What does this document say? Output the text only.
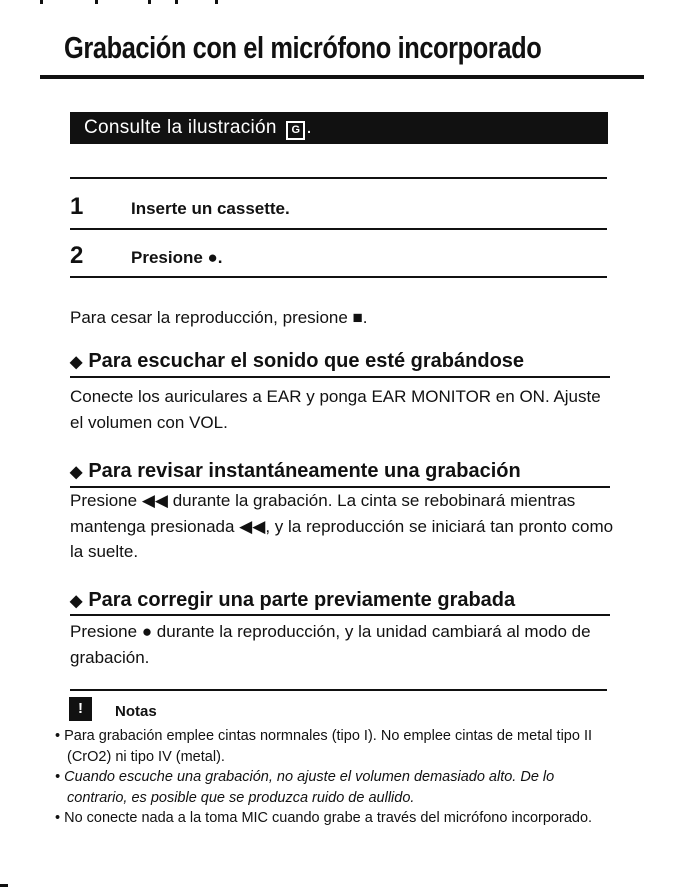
Grabación con el micrófono incorporado
Consulte la ilustración G .
1	Inserte un cassette.
2	Presione ●.
Para cesar la reproducción, presione ■.
◆ Para escuchar el sonido que esté grabándose
Conecte los auriculares a EAR y ponga EAR MONITOR en ON. Ajuste el volumen con VOL.
◆ Para revisar instantáneamente una grabación
Presione ◀◀ durante la grabación. La cinta se rebobinará mientras mantenga presionada ◀◀, y la reproducción se iniciará tan pronto como la suelte.
◆ Para corregir una parte previamente grabada
Presione ● durante la reproducción, y la unidad cambiará al modo de grabación.
!	Notas
• Para grabación emplee cintas normnales (tipo I). No emplee cintas de metal tipo II (CrO2) ni tipo IV (metal).
• Cuando escuche una grabación, no ajuste el volumen demasiado alto. De lo contrario, es posible que se produzca ruido de aullido.
• No conecte nada a la toma MIC cuando grabe a través del micrófono incorporado.
